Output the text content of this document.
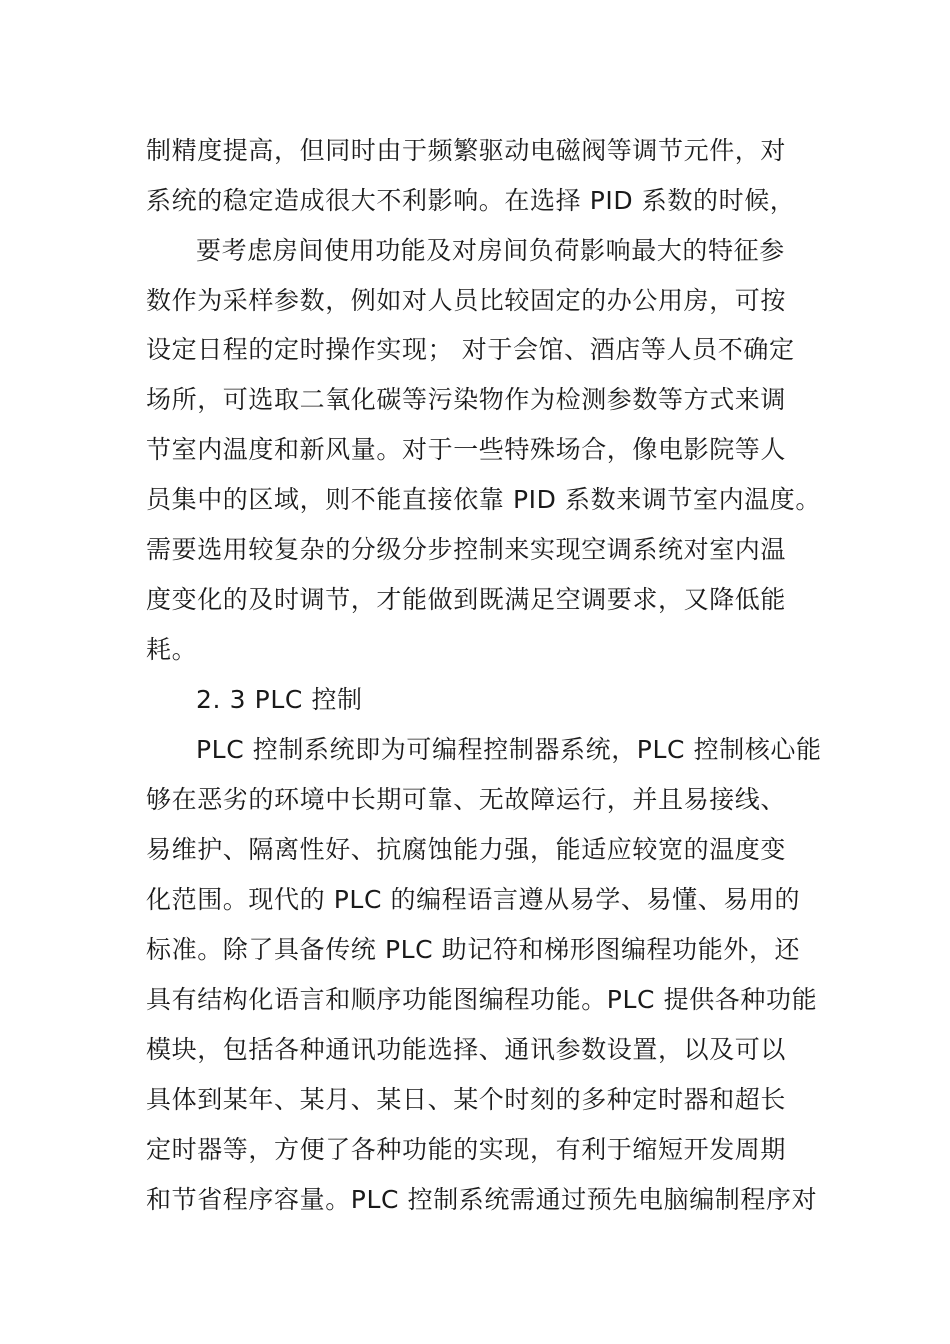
制精度提高，但同时由于频繁驱动电磁阀等调节元件，对
系统的稳定造成很大不利影响。在选择 PID 系数的时候，
要考虑房间使用功能及对房间负荷影响最大的特征参
数作为采样参数，例如对人员比较固定的办公用房，可按
设定日程的定时操作实现； 对于会馆、酒店等人员不确定
场所，可选取二氧化碳等污染物作为检测参数等方式来调
节室内温度和新风量。对于一些特殊场合，像电影院等人
员集中的区域，则不能直接依靠 PID 系数来调节室内温度。
需要选用较复杂的分级分步控制来实现空调系统对室内温
度变化的及时调节，才能做到既满足空调要求，又降低能
耗。
2. 3 PLC 控制
PLC 控制系统即为可编程控制器系统，PLC 控制核心能
够在恶劣的环境中长期可靠、无故障运行，并且易接线、
易维护、隔离性好、抗腐蚀能力强，能适应较宽的温度变
化范围。现代的 PLC 的编程语言遵从易学、易懂、易用的
标准。除了具备传统 PLC 助记符和梯形图编程功能外，还
具有结构化语言和顺序功能图编程功能。PLC 提供各种功能
模块，包括各种通讯功能选择、通讯参数设置，以及可以
具体到某年、某月、某日、某个时刻的多种定时器和超长
定时器等，方便了各种功能的实现，有利于缩短开发周期
和节省程序容量。PLC 控制系统需通过预先电脑编制程序对
